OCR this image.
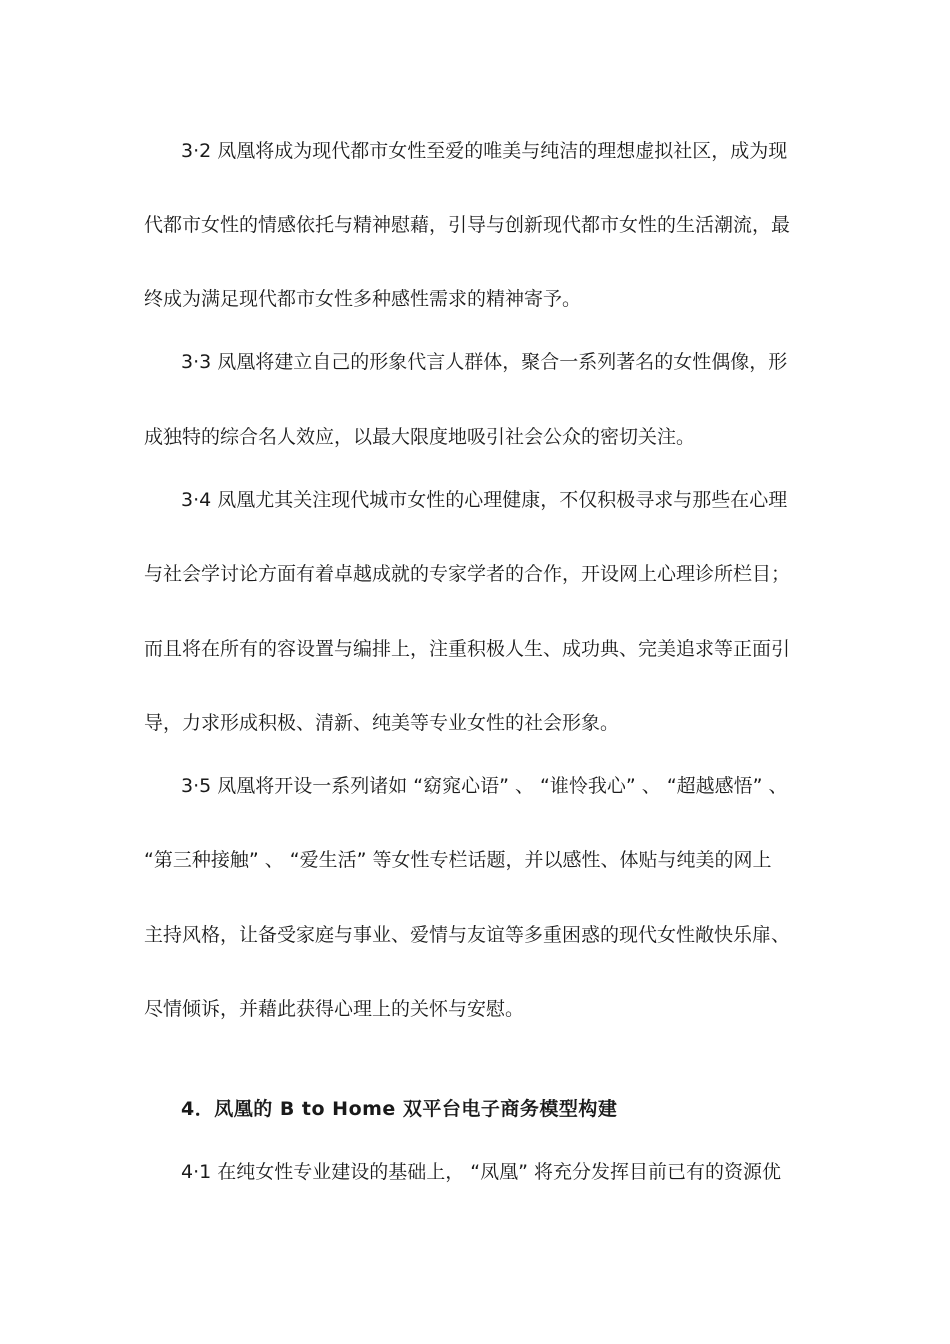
3·2 凤凰将成为现代都市女性至爱的唯美与纯洁的理想虚拟社区，成为现
代都市女性的情感依托与精神慰藉，引导与创新现代都市女性的生活潮流，最
终成为满足现代都市女性多种感性需求的精神寄予。
3·3 凤凰将建立自己的形象代言人群体，聚合一系列著名的女性偶像，形
成独特的综合名人效应，以最大限度地吸引社会公众的密切关注。
3·4 凤凰尤其关注现代城市女性的心理健康，不仅积极寻求与那些在心理
与社会学讨论方面有着卓越成就的专家学者的合作，开设网上心理诊所栏目；
而且将在所有的容设置与编排上，注重积极人生、成功典、完美追求等正面引
导，力求形成积极、清新、纯美等专业女性的社会形象。
3·5 凤凰将开设一系列诸如 “窈窕心语” 、 “谁怜我心” 、 “超越感悟” 、
“第三种接触” 、 “爱生活” 等女性专栏话题，并以感性、体贴与纯美的网上
主持风格，让备受家庭与事业、爱情与友谊等多重困惑的现代女性敞快乐扉、
尽情倾诉，并藉此获得心理上的关怀与安慰。
4．凤凰的 B to Home 双平台电子商务模型构建
4·1 在纯女性专业建设的基础上， “凤凰” 将充分发挥目前已有的资源优
